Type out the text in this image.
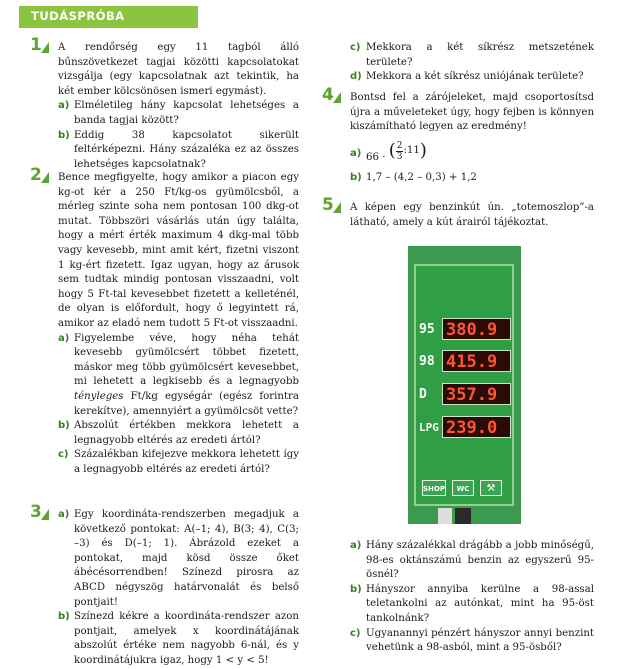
TUDÁSPRÓBA
1	A rendőrség egy 11 tagból álló bűnszövetkezet tagjai közötti kapcsolatokat vizsgálja (egy kapcsolatnak azt tekintik, ha két ember kölcsönösen ismeri egymást).

a) Elméletileg hány kapcsolat lehetséges a banda tagjai között?
b) Eddig 38 kapcsolatot sikerült feltérképezni. Hány százaléka ez az összes lehetséges kapcsolatnak?
2	Bence megfigyelte, hogy amikor a piacon egy kg-ot kér a 250 Ft/kg-os gyümölcsből, a mérleg szinte soha nem pontosan 100 dkg-ot mutat. Többszöri vásárlás után úgy találta, hogy a mért érték maximum 4 dkg-mal több vagy kevesebb, mint amit kért, fizetni viszont 1 kg-ért fizetett. Igaz ugyan, hogy az árusok sem tudtak mindig pontosan visszaadni, volt hogy 5 Ft-tal kevesebbet fizetett a kelleténél, de olyan is előfordult, hogy ő legyintett rá, amikor az eladó nem tudott 5 Ft-ot visszaadni.

a) Figyelembe véve, hogy néha tehát kevesebb gyümölcsért többet fizetett, máskor meg több gyümölcsért kevesebbet, mi lehetett a legkisebb és a legnagyobb tényleges Ft/kg egységár (egész forintra kerekítve), amennyiért a gyümölcsöt vette?
b) Abszolút értékben mekkora lehetett a legnagyobb eltérés az eredeti ártól?
c) Százalékban kifejezve mekkora lehetett így a legnagyobb eltérés az eredeti ártól?
3	a) Egy koordináta-rendszerben megadjuk a következő pontokat: A(–1; 4), B(3; 4), C(3; –3) és D(–1; 1). Ábrázold ezeket a pontokat, majd kösd össze őket ábécésorrendben! Színezd pirosra az ABCD négyszög határvonalát és belső pontjait!
b) Színezd kékre a koordináta-rendszer azon pontjait, amelyek x koordinátájának abszolút értéke nem nagyobb 6-nál, és y koordinátájukra igaz, hogy 1 < y < 5!
c) Mekkora a két síkrész metszetének területe?
d) Mekkora a két síkrész uniójának területe?
4	Bontsd fel a zárójeleket, majd csoportosítsd újra a műveleteket úgy, hogy fejben is könnyen kiszámítható legyen az eredmény!

a) 66 · ( $\frac{2}{3}$ :11)
b) 1,7 – (4,2 – 0,3) + 1,2
5	A képen egy benzinkút ún. „totemoszlop”-a látható, amely a kút árairól tájékoztat.

a) Hány százalékkal drágább a jobb minőségű, 98-es oktánszámú benzin az egyszerű 95-ösnél?
b) Hányszor annyiba kerülne a 98-assal teletankolni az autónkat, mint ha 95-öst tankolnánk?
c) Ugyanannyi pénzért hányszor annyi benzint vehetünk a 98-asból, mint a 95-ösből?
95 380.9
98 415.9
D 357.9
LPG 239.0
SHOP	WC	⚒
